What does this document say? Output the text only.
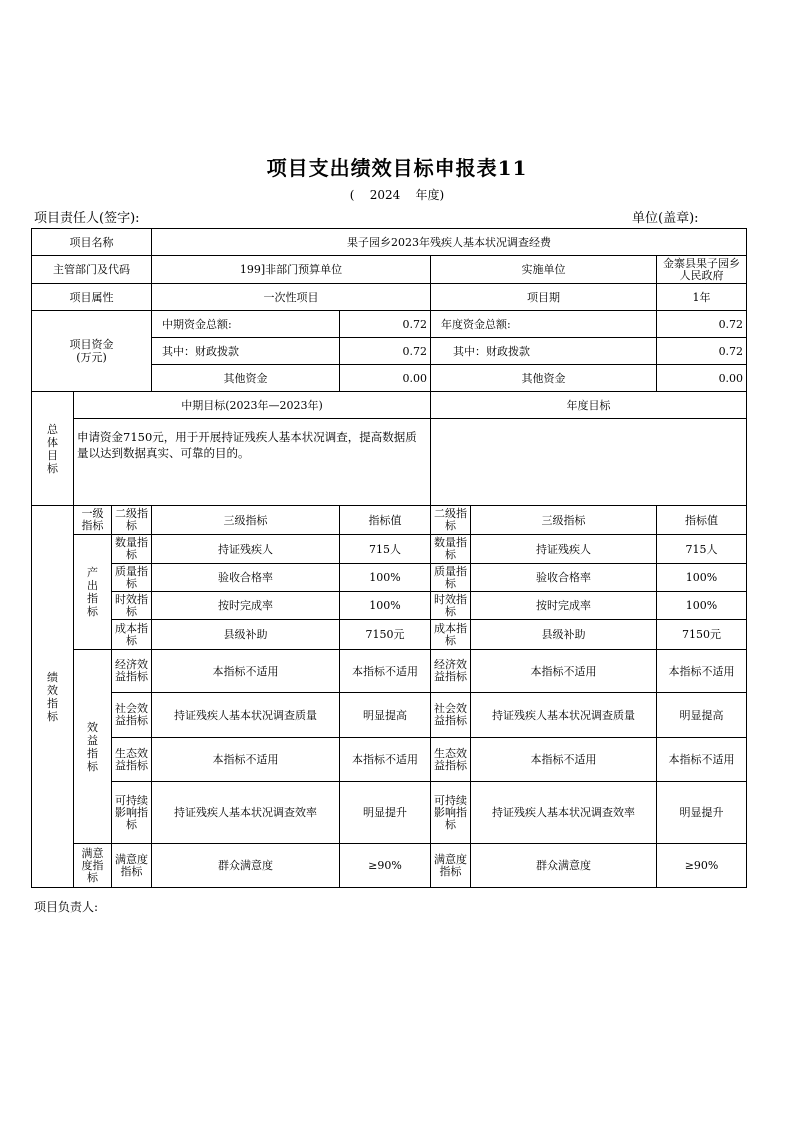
项目支出绩效目标申报表11
( 2024 年度)
项目责任人(签字):	单位(盖章):
项目名称			果子园乡2023年残疾人基本状况调查经费				
主管部门及代码			199]非部门预算单位		实施单位		金寨县果子园乡人民政府
项目属性			一次性项目		项目期		1年

项目资金
(万元)			中期资金总额:	0.72	年度资金总额:		0.72
			其中：财政拨款	0.72	其中：财政拨款		0.72
			其他资金	0.00	其他资金		0.00
总体目标	中期目标(2023年—2023年)				年度目标		
	申请资金7150元，用于开展持证残疾人基本状况调查，提高数据质量以达到数据真实、可靠的目的。						
绩效指标	一级指标	二级指标	三级指标	指标值	二级指标	三级指标	指标值
	产出指标	数量指标	持证残疾人	715人	数量指标	持证残疾人	715人
		质量指标	验收合格率	100%	质量指标	验收合格率	100%
		时效指标	按时完成率	100%	时效指标	按时完成率	100%
		成本指标	县级补助	7150元	成本指标	县级补助	7150元
	效益指标	经济效益指标	本指标不适用	本指标不适用	经济效益指标	本指标不适用	本指标不适用
		社会效益指标	持证残疾人基本状况调查质量	明显提高	社会效益指标	持证残疾人基本状况调查质量	明显提高
		生态效益指标	本指标不适用	本指标不适用	生态效益指标	本指标不适用	本指标不适用
		可持续影响指标	持证残疾人基本状况调查效率	明显提升	可持续影响指标	持证残疾人基本状况调查效率	明显提升
	满意度指标	满意度指标	群众满意度	≥90%	满意度指标	群众满意度	≥90%
项目负责人:
